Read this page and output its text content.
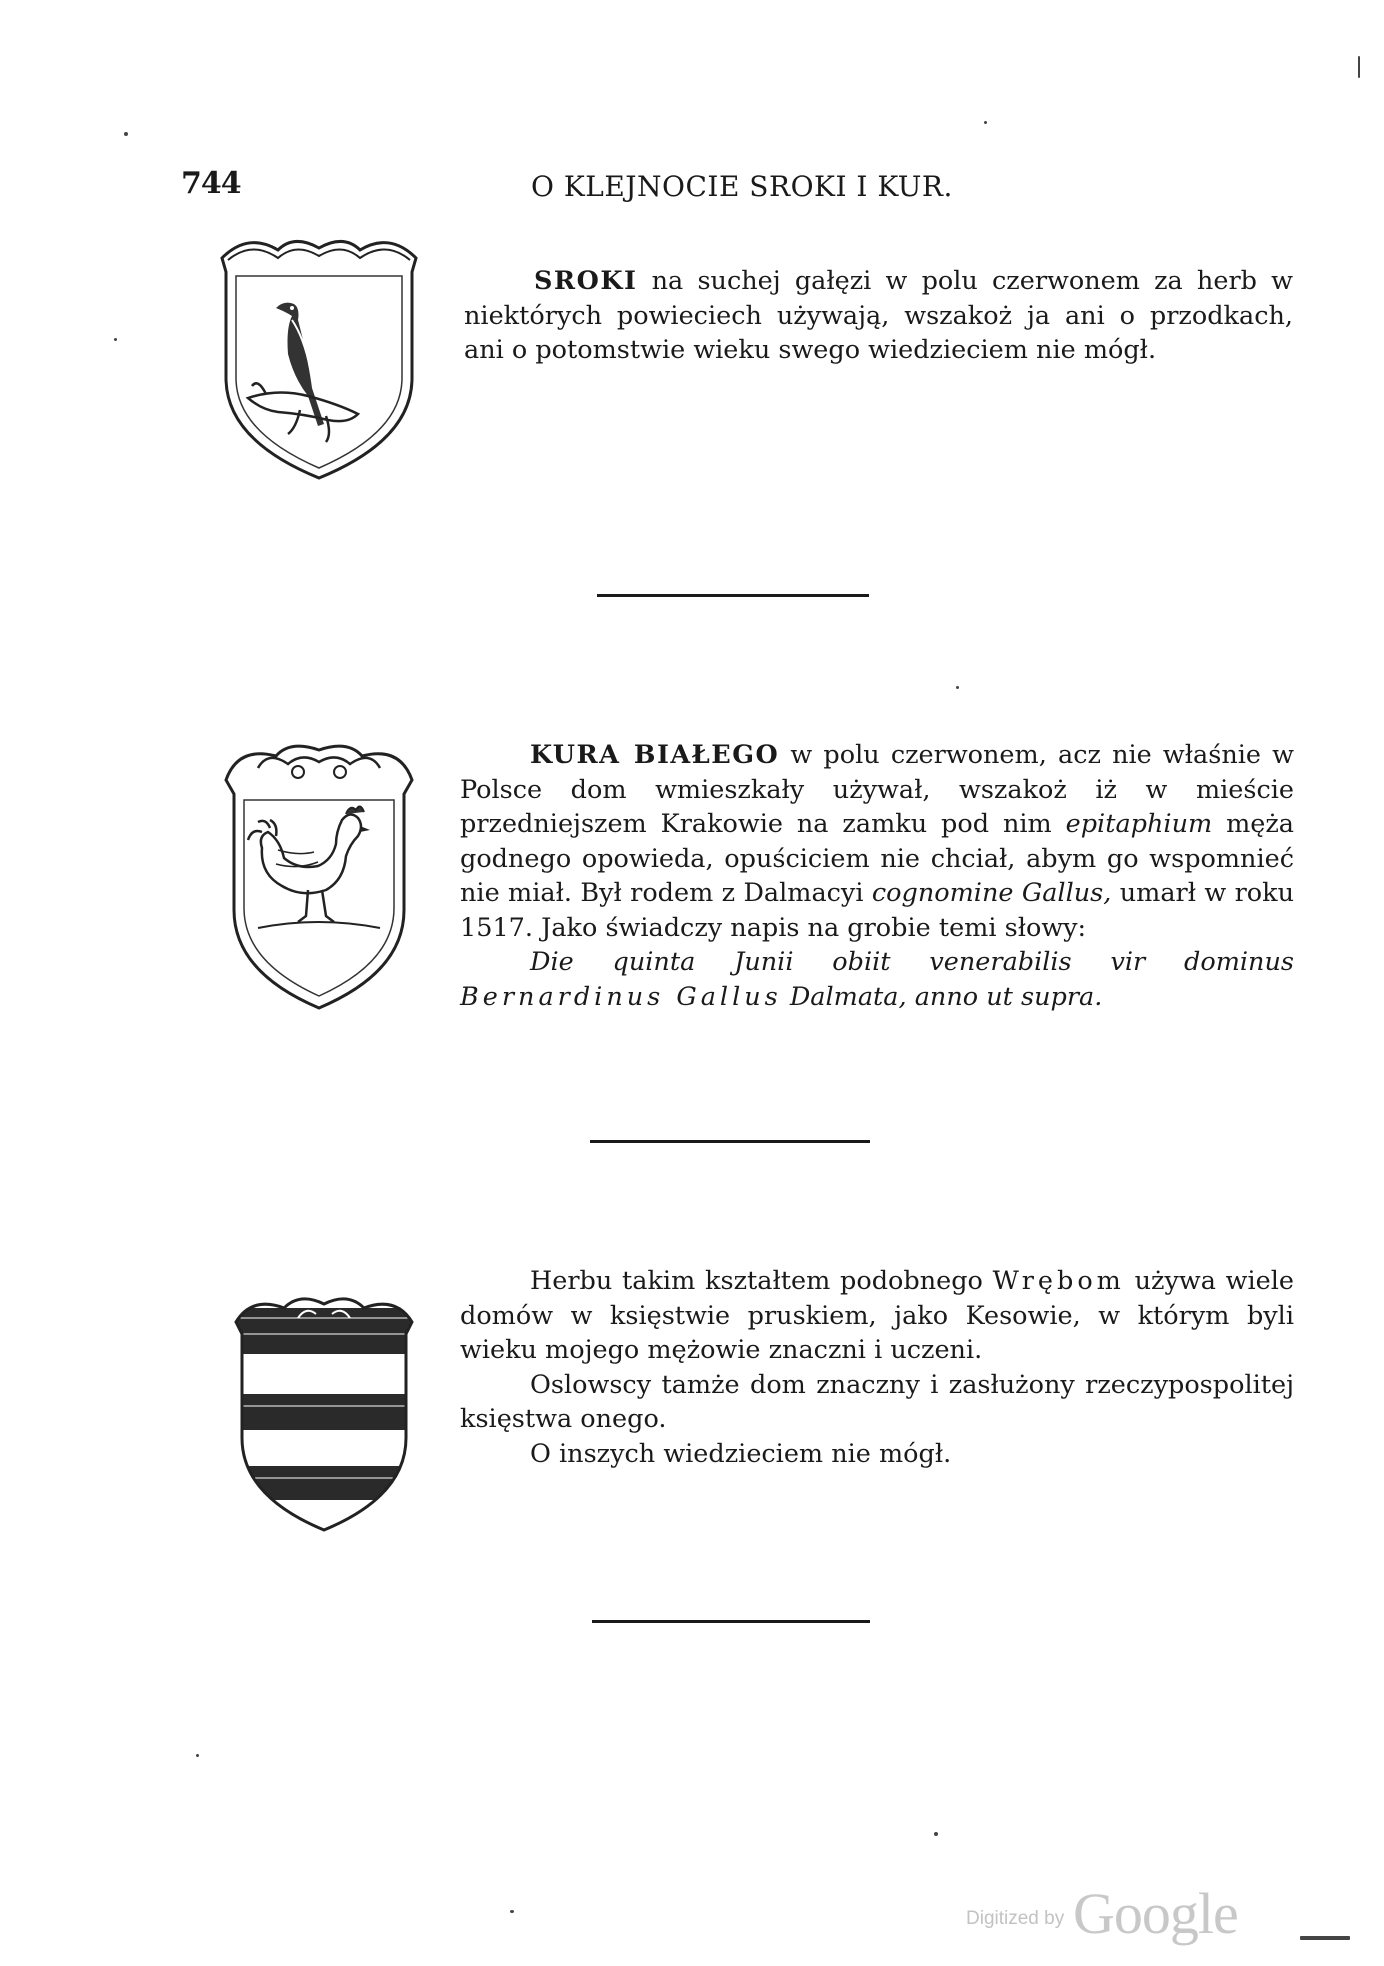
744	O KLEJNOCIE SROKI I KUR.

SROKI na suchej gałęzi w polu czerwonem za herb w niektórych powieciech używają, wszakoż ja ani o przodkach, ani o potomstwie wieku swego wiedzieciem nie mógł.

KURA BIAŁEGO w polu czerwonem, acz nie właśnie w Polsce dom wmieszkały używał, wszakoż iż w mieście przedniejszem Krakowie na zamku pod nim epitaphium męża godnego opowieda, opuściciem nie chciał, abym go wspomnieć nie miał. Był rodem z Dalmacyi cognomine Gallus, umarł w roku 1517. Jako świadczy napis na grobie temi słowy:

Die quinta Junii obiit venerabilis vir dominus Bernardinus Gallus Dalmata, anno ut supra.

Herbu takim kształtem podobnego Wrębom używa wiele domów w księstwie pruskiem, jako Kesowie, w którym byli wieku mojego mężowie znaczni i uczeni.

Oslowscy tamże dom znaczny i zasłużony rzeczypospolitej księstwa onego.

O inszych wiedzieciem nie mógł.

Digitized by Google
